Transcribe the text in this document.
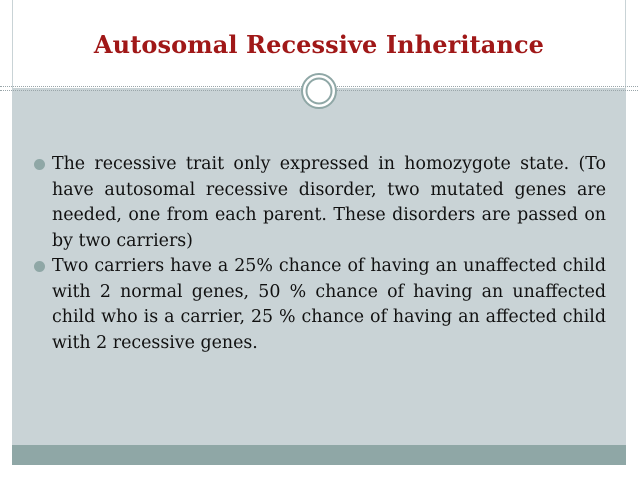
Autosomal Recessive Inheritance
The recessive trait only expressed in homozygote state. (To have autosomal recessive disorder, two mutated genes are needed, one from each parent. These disorders are passed on by two carriers)
Two carriers have a 25% chance of having an unaffected child with 2 normal genes, 50 % chance of having an unaffected child who is a carrier, 25 % chance of having an affected child with 2 recessive genes.
